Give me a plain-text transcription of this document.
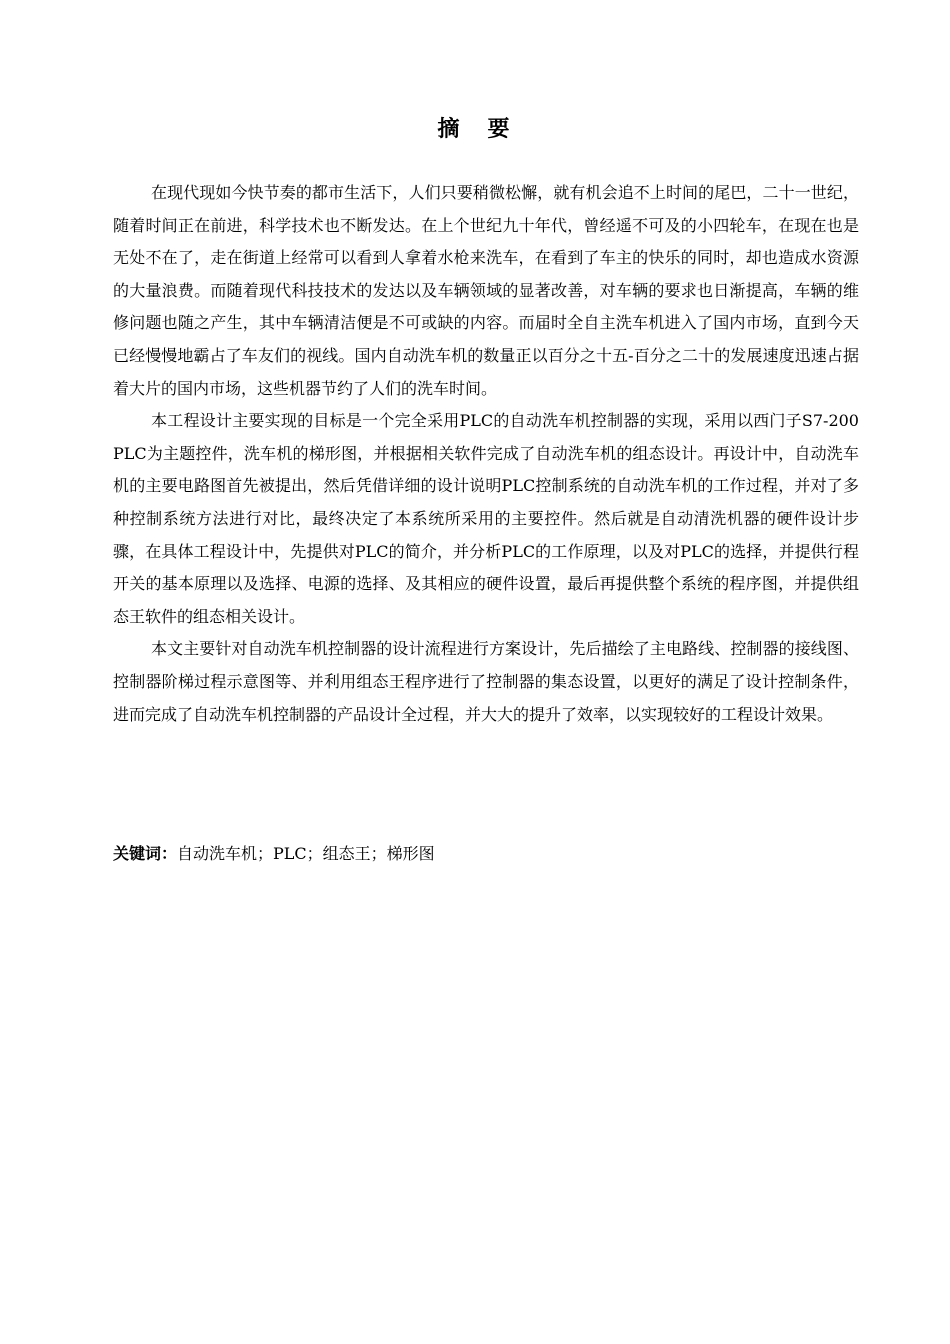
摘要

在现代现如今快节奏的都市生活下，人们只要稍微松懈，就有机会追不上时间的尾巴，二十一世纪，随着时间正在前进，科学技术也不断发达。在上个世纪九十年代，曾经遥不可及的小四轮车，在现在也是无处不在了，走在街道上经常可以看到人拿着水枪来洗车，在看到了车主的快乐的同时，却也造成水资源的大量浪费。而随着现代科技技术的发达以及车辆领域的显著改善，对车辆的要求也日渐提高，车辆的维修问题也随之产生，其中车辆清洁便是不可或缺的内容。而届时全自主洗车机进入了国内市场，直到今天已经慢慢地霸占了车友们的视线。国内自动洗车机的数量正以百分之十五-百分之二十的发展速度迅速占据着大片的国内市场，这些机器节约了人们的洗车时间。

本工程设计主要实现的目标是一个完全采用PLC的自动洗车机控制器的实现，采用以西门子S7-200PLC为主题控件，洗车机的梯形图，并根据相关软件完成了自动洗车机的组态设计。再设计中，自动洗车机的主要电路图首先被提出，然后凭借详细的设计说明PLC控制系统的自动洗车机的工作过程，并对了多种控制系统方法进行对比，最终决定了本系统所采用的主要控件。然后就是自动清洗机器的硬件设计步骤，在具体工程设计中，先提供对PLC的简介，并分析PLC的工作原理，以及对PLC的选择，并提供行程开关的基本原理以及选择、电源的选择、及其相应的硬件设置，最后再提供整个系统的程序图，并提供组态王软件的组态相关设计。

本文主要针对自动洗车机控制器的设计流程进行方案设计，先后描绘了主电路线、控制器的接线图、控制器阶梯过程示意图等、并利用组态王程序进行了控制器的集态设置，以更好的满足了设计控制条件，进而完成了自动洗车机控制器的产品设计全过程，并大大的提升了效率，以实现较好的工程设计效果。

关键词：自动洗车机；PLC；组态王；梯形图
